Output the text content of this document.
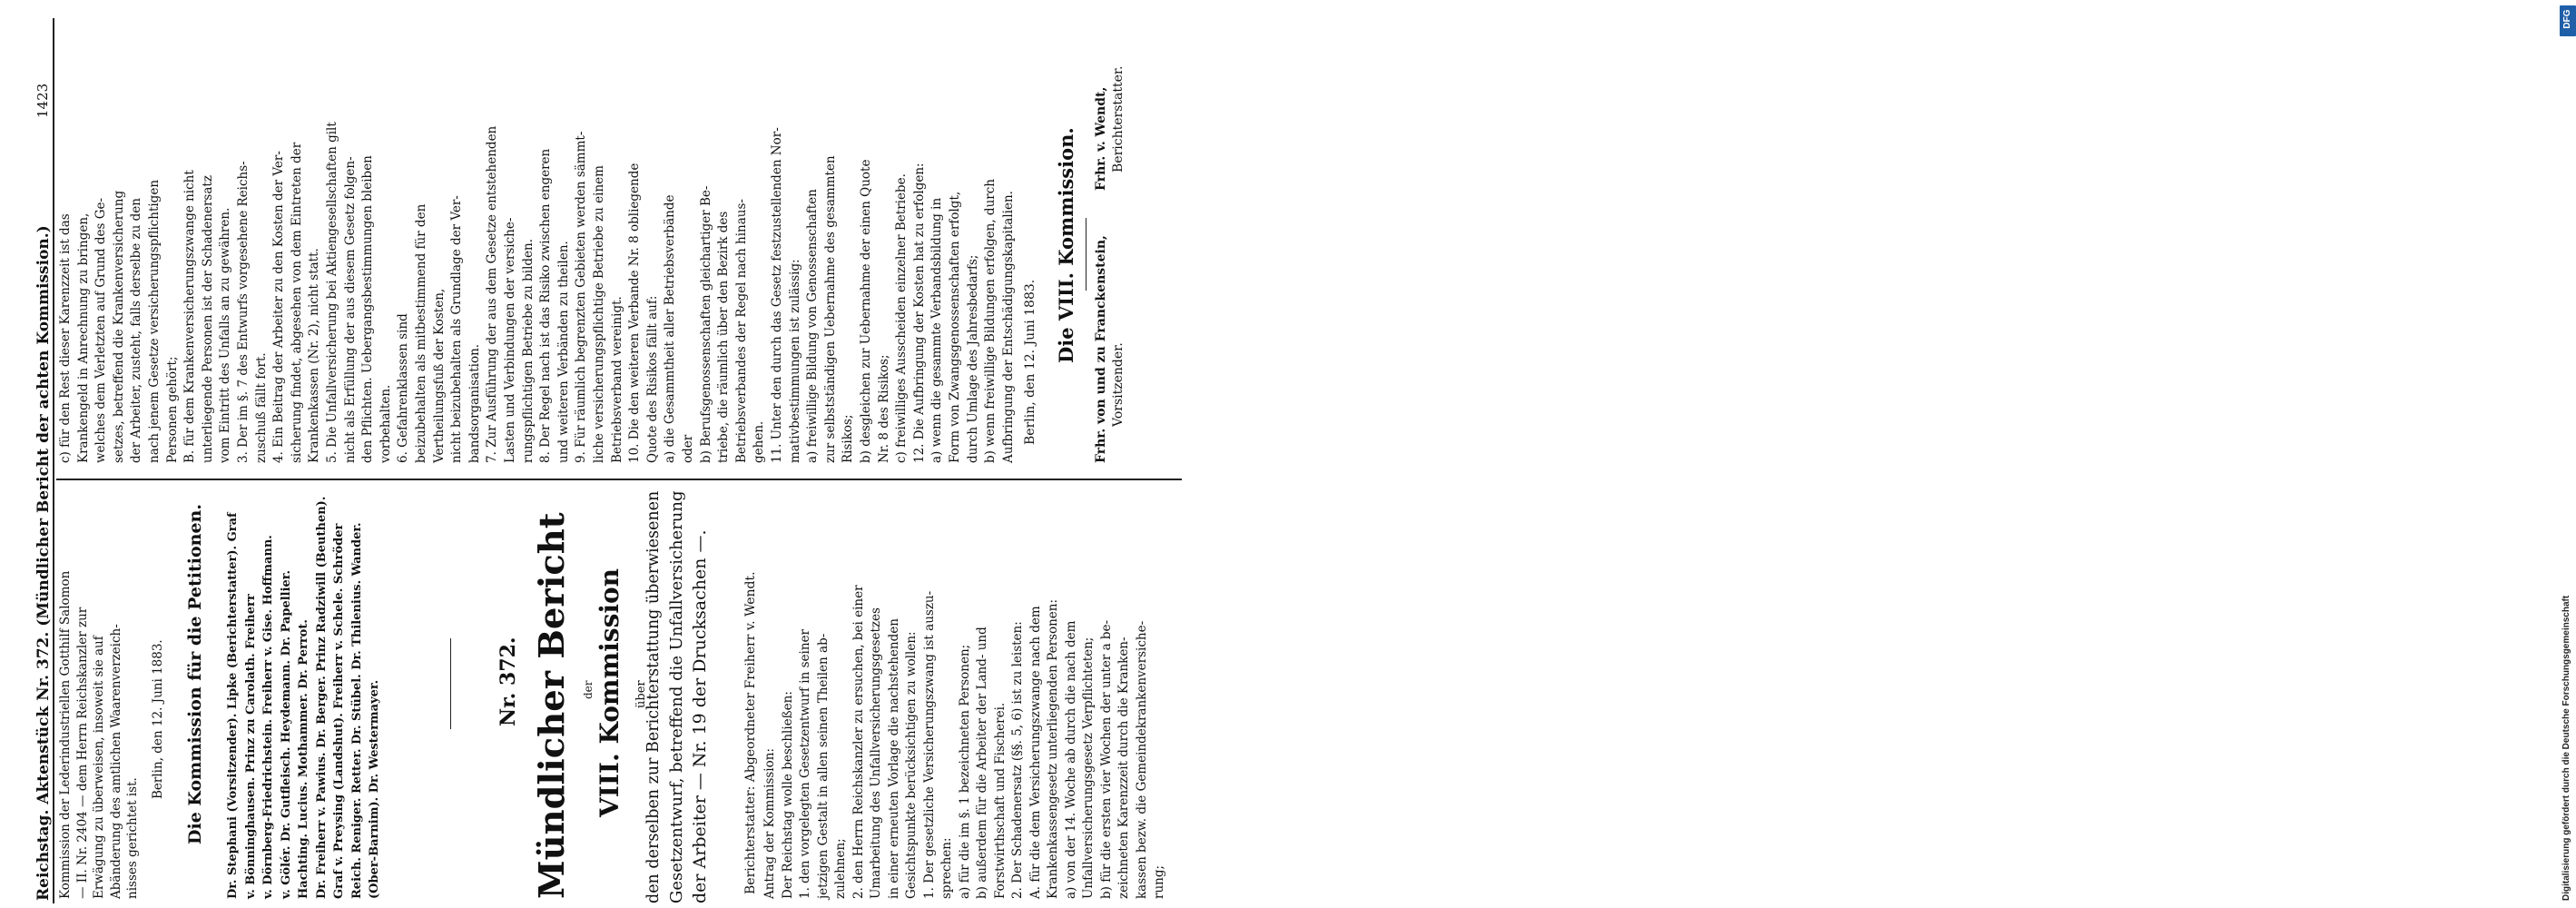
Reichstag. Aktenstück Nr. 372. (Mündlicher Bericht der achten Kommission.)
1423
Kommission der Lederindustriellen Gotthilf Salomon — II. Nr. 2404 — dem Herrn Reichskanzler zur Erwägung zu überweisen, insoweit sie auf Abänderung des amtlichen Waarenverzeich- nisses gerichtet ist.
Berlin, den 12. Juni 1883. Die Kommission für die Petitionen. Dr. Stephani (Vorsitzender). Lipke (Berichterstatter). Graf v. Bönninghausen. Prinz zu Carolath. Freiherr v. Dörnberg-Friedrichstein. Freiherr v. Gise. Hoffmann. v. Gölér. Dr. Gutfleisch. Heydemann. Dr. Papellier. Hachting. Lucius. Mothammer. Dr. Perrot. Dr. Freiherr v. Pawius. Dr. Berger. Prinz Radziwill (Beuthen). Graf v. Preysing (Landshut). Freiherr v. Schele. Schröder Reich. Reniger. Retter. Dr. Stübel. Dr. Thilenius. Wander. (Ober-Barnim). Dr. Westermayer.	Nr. 372. Mündlicher Bericht der VIII. Kommission über
den derselben zur Berichterstattung überwiesenen Gesetzentwurf, betreffend die Unfallversicherung der Arbeiter — Nr. 19 der Drucksachen —.	Berichterstatter: Abgeordneter Freiherr v. Wendt. Antrag der Kommission: Der Reichstag wolle beschließen: 1. den vorgelegten Gesetzentwurf in seiner jetzigen Gestalt in allen seinen Theilen ab- zulehnen; 2. den Herrn Reichskanzler zu ersuchen, bei einer Umarbeitung des Unfallversicherungsgesetzes in einer erneuten Vorlage die nachstehenden Gesichtspunkte berücksichtigen zu wollen: 1. Der gesetzliche Versicherungszwang ist auszu- sprechen: a) für die im §. 1 bezeichneten Personen; b) außerdem für die Arbeiter der Land- und Forstwirthschaft und Fischerei. 2. Der Schadenersatz (§§. 5, 6) ist zu leisten: A. für die dem Versicherungszwange nach dem Krankenkassengesetz unterliegenden Personen: a) von der 14. Woche ab durch die nach dem Unfallversicherungsgesetz Verpflichteten; b) für die ersten vier Wochen der unter a be- zeichneten Karenzzeit durch die Kranken- kassen bezw. die Gemeindekrankenversiche- rung;
c) für den Rest dieser Karenzzeit ist das Krankengeld in Anrechnung zu bringen, welches dem Verletzten auf Grund des Ge- setzes, betreffend die Krankenversicherung der Arbeiter, zusteht, falls derselbe zu den nach jenem Gesetze versicherungspflichtigen Personen gehört; B. für dem Krankenversicherungszwange nicht unterliegende Personen ist der Schadenersatz vom Eintritt des Unfalls an zu gewähren. 3. Der im §. 7 des Entwurfs vorgesehene Reichs- zuschuß fällt fort. 4. Ein Beitrag der Arbeiter zu den Kosten der Ver- sicherung findet, abgesehen von dem Eintreten der Krankenkassen (Nr. 2), nicht statt. 5. Die Unfallversicherung bei Aktiengesellschaften gilt nicht als Erfüllung der aus diesem Gesetz folgen- den Pflichten. Uebergangsbestimmungen bleiben vorbehalten. 6. Gefahrenklassen sind beizubehalten als mitbestimmend für den Vertheilungsfuß der Kosten, nicht beizubehalten als Grundlage der Ver- bandsorganisation. 7. Zur Ausführung der aus dem Gesetze entstehenden Lasten und Verbindungen der versiche- rungspflichtigen Betriebe zu bilden. 8. Der Regel nach ist das Risiko zwischen engeren und weiteren Verbänden zu theilen. 9. Für räumlich begrenzten Gebieten werden sämmt- liche versicherungspflichtige Betriebe zu einem Betriebsverband vereinigt. 10. Die den weiteren Verbande Nr. 8 obliegende Quote des Risikos fällt auf: a) die Gesammtheit aller Betriebsverbände oder b) Berufsgenossenschaften gleichartiger Be- triebe, die räumlich über den Bezirk des Betriebsverbandes der Regel nach hinaus- gehen. 11. Unter den durch das Gesetz festzustellenden Nor- mativbestimmungen ist zulässig: a) freiwillige Bildung von Genossenschaften zur selbstständigen Uebernahme des gesammten Risikos; b) desgleichen zur Uebernahme der einen Quote Nr. 8 des Risikos; c) freiwilliges Ausscheiden einzelner Betriebe. 12. Die Aufbringung der Kosten hat zu erfolgen: a) wenn die gesammte Verbandsbildung in Form von Zwangsgenossenschaften erfolgt, durch Umlage des Jahresbedarfs; b) wenn freiwillige Bildungen erfolgen, durch Aufbringung der Entschädigungskapitalien. Berlin, den 12. Juni 1883. Die VIII. Kommission. Frhr. von und zu Franckenstein, Vorsitzender.
Frhr. v. Wendt, Berichterstatter.
DFG
Digitalisierung gefördert durch die Deutsche Forschungsgemeinschaft
